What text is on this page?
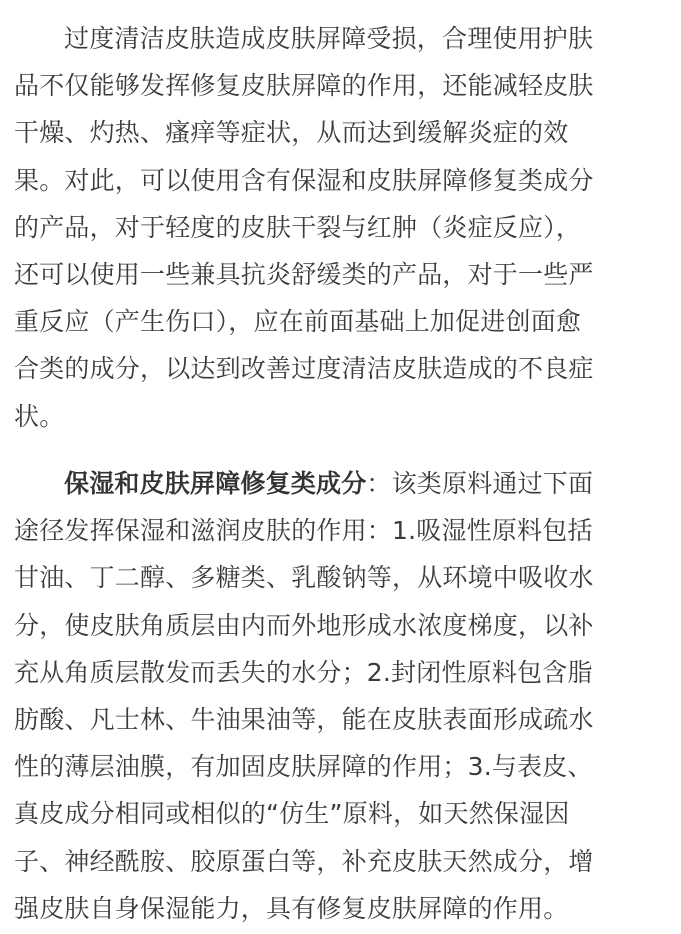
过度清洁皮肤造成皮肤屏障受损，合理使用护肤
品不仅能够发挥修复皮肤屏障的作用，还能减轻皮肤
干燥、灼热、瘙痒等症状，从而达到缓解炎症的效
果。对此，可以使用含有保湿和皮肤屏障修复类成分
的产品，对于轻度的皮肤干裂与红肿（炎症反应），
还可以使用一些兼具抗炎舒缓类的产品，对于一些严
重反应（产生伤口），应在前面基础上加促进创面愈
合类的成分，以达到改善过度清洁皮肤造成的不良症
状。
保湿和皮肤屏障修复类成分：该类原料通过下面
途径发挥保湿和滋润皮肤的作用：1.吸湿性原料包括
甘油、丁二醇、多糖类、乳酸钠等，从环境中吸收水
分，使皮肤角质层由内而外地形成水浓度梯度，以补
充从角质层散发而丢失的水分；2.封闭性原料包含脂
肪酸、凡士林、牛油果油等，能在皮肤表面形成疏水
性的薄层油膜，有加固皮肤屏障的作用；3.与表皮、
真皮成分相同或相似的“仿生”原料，如天然保湿因
子、神经酰胺、胶原蛋白等，补充皮肤天然成分，增
强皮肤自身保湿能力，具有修复皮肤屏障的作用。
